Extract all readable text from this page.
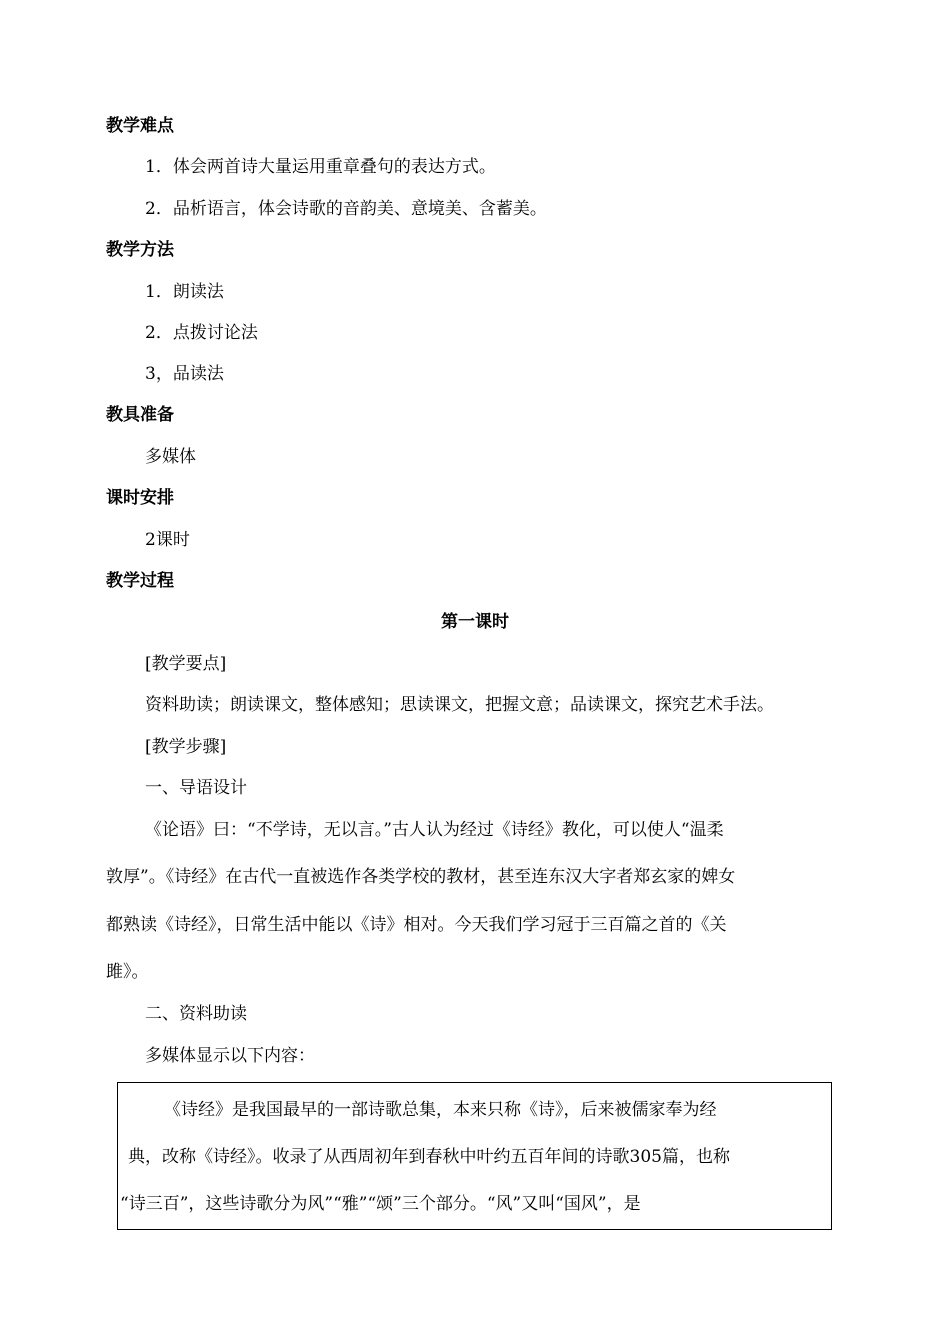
教学难点
1．体会两首诗大量运用重章叠句的表达方式。
2．品析语言，体会诗歌的音韵美、意境美、含蓄美。
教学方法
1．朗读法
2．点拨讨论法
3，品读法
教具准备
多媒体
课时安排
2课时
教学过程
第一课时
[教学要点]
资料助读；朗读课文，整体感知；思读课文，把握文意；品读课文，探究艺术手法。
[教学步骤]
一、导语设计
《论语》曰：“不学诗，无以言。”古人认为经过《诗经》教化，可以使人“温柔
敦厚”。《诗经》在古代一直被选作各类学校的教材，甚至连东汉大字者郑玄家的婢女
都熟读《诗经》，日常生活中能以《诗》相对。今天我们学习冠于三百篇之首的《关
雎》。
二、资料助读
多媒体显示以下内容：
《诗经》是我国最早的一部诗歌总集，本来只称《诗》，后来被儒家奉为经
典，改称《诗经》。收录了从西周初年到春秋中叶约五百年间的诗歌305篇，也称
“诗三百”，这些诗歌分为风”“雅”“颂”三个部分。“风”又叫“国风”，是
